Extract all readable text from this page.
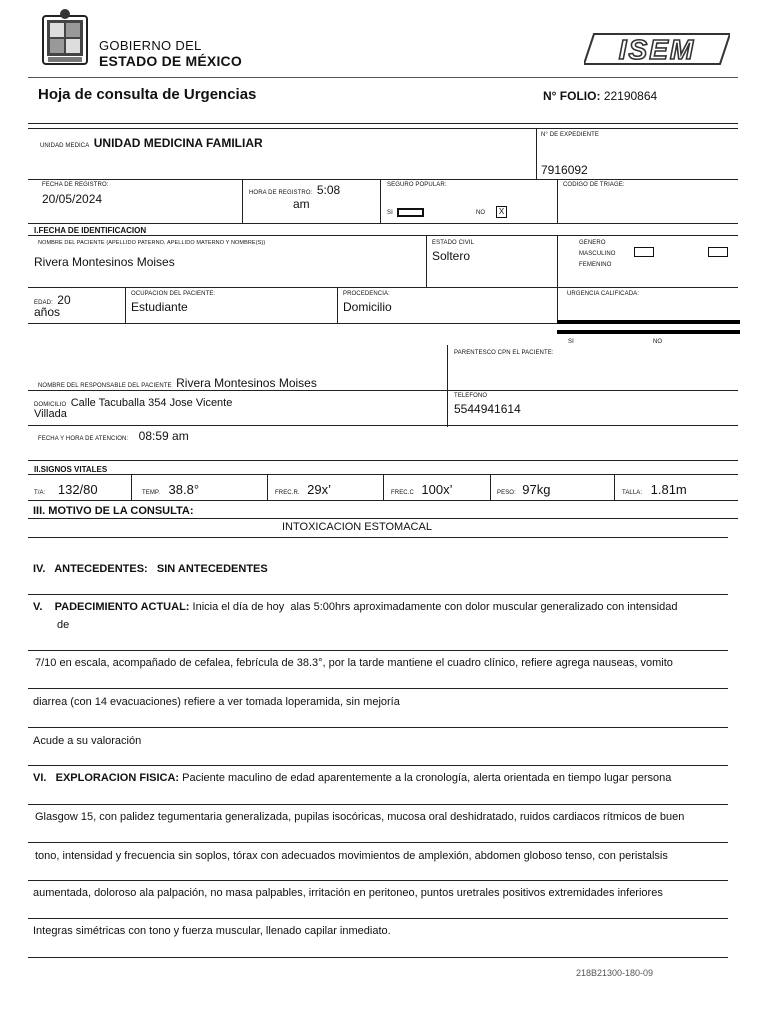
GOBIERNO DEL
ESTADO DE MÉXICO	ISEM
Hoja de consulta de Urgencias	N° FOLIO: 22190864
UNIDAD MEDICA UNIDAD MEDICINA FAMILIAR
N° DE EXPEDIENTE
7916092
FECHA DE REGISTRO:
20/05/2024	HORA DE REGISTRO: 5:08
am
SEGURO POPULAR:
SI	NO	X
CODIGO DE TRIAGE:
I.FECHA DE IDENTIFICACION
NOMBRE DEL PACIENTE (APELLIDO PATERNO, APELLIDO MATERNO Y NOMBRE(S))
Rivera Montesinos Moises
ESTADO CIVIL
Soltero
GENERO
MASCULINO
FEMENINO
EDAD: 20
años
OCUPACION DEL PACIENTE:
Estudiante
PROCEDENCIA:
Domicilio
URGENCIA CALIFICADA:
SI	NO
PARENTESCO CPN EL PACIENTE:
NOMBRE DEL RESPONSABLE DEL PACIENTE Rivera Montesinos Moises
DOMICILIO Calle Tacuballa 354 Jose Vicente
Villada
TELEFONO
5544941614
FECHA Y HORA DE ATENCION: 08:59 am
II.SIGNOS VITALES
T/A: 132/80	TEMP. 38.8°	FREC.R. 29x’	FREC.C 100x’	PESO: 97kg	TALLA: 1.81m
III. MOTIVO DE LA CONSULTA:
INTOXICACION ESTOMACAL
IV.   ANTECEDENTES: SIN ANTECEDENTES
V.    PADECIMIENTO ACTUAL: Inicia el día de hoy  alas 5:00hrs aproximadamente con dolor muscular generalizado con intensidad
de
7/10 en escala, acompañado de cefalea, febrícula de 38.3°, por la tarde mantiene el cuadro clínico, refiere agrega nauseas, vomito
diarrea (con 14 evacuaciones) refiere a ver tomada loperamida, sin mejoría
Acude a su valoración
VI.   EXPLORACION FISICA: Paciente maculino de edad aparentemente a la cronología, alerta orientada en tiempo lugar persona
Glasgow 15, con palidez tegumentaria generalizada, pupilas isocóricas, mucosa oral deshidratado, ruidos cardiacos rítmicos de buen
tono, intensidad y frecuencia sin soplos, tórax con adecuados movimientos de amplexión, abdomen globoso tenso, con peristalsis
aumentada, doloroso ala palpación, no masa palpables, irritación en peritoneo, puntos uretrales positivos extremidades inferiores
Integras simétricas con tono y fuerza muscular, llenado capilar inmediato.
218B21300-180-09
